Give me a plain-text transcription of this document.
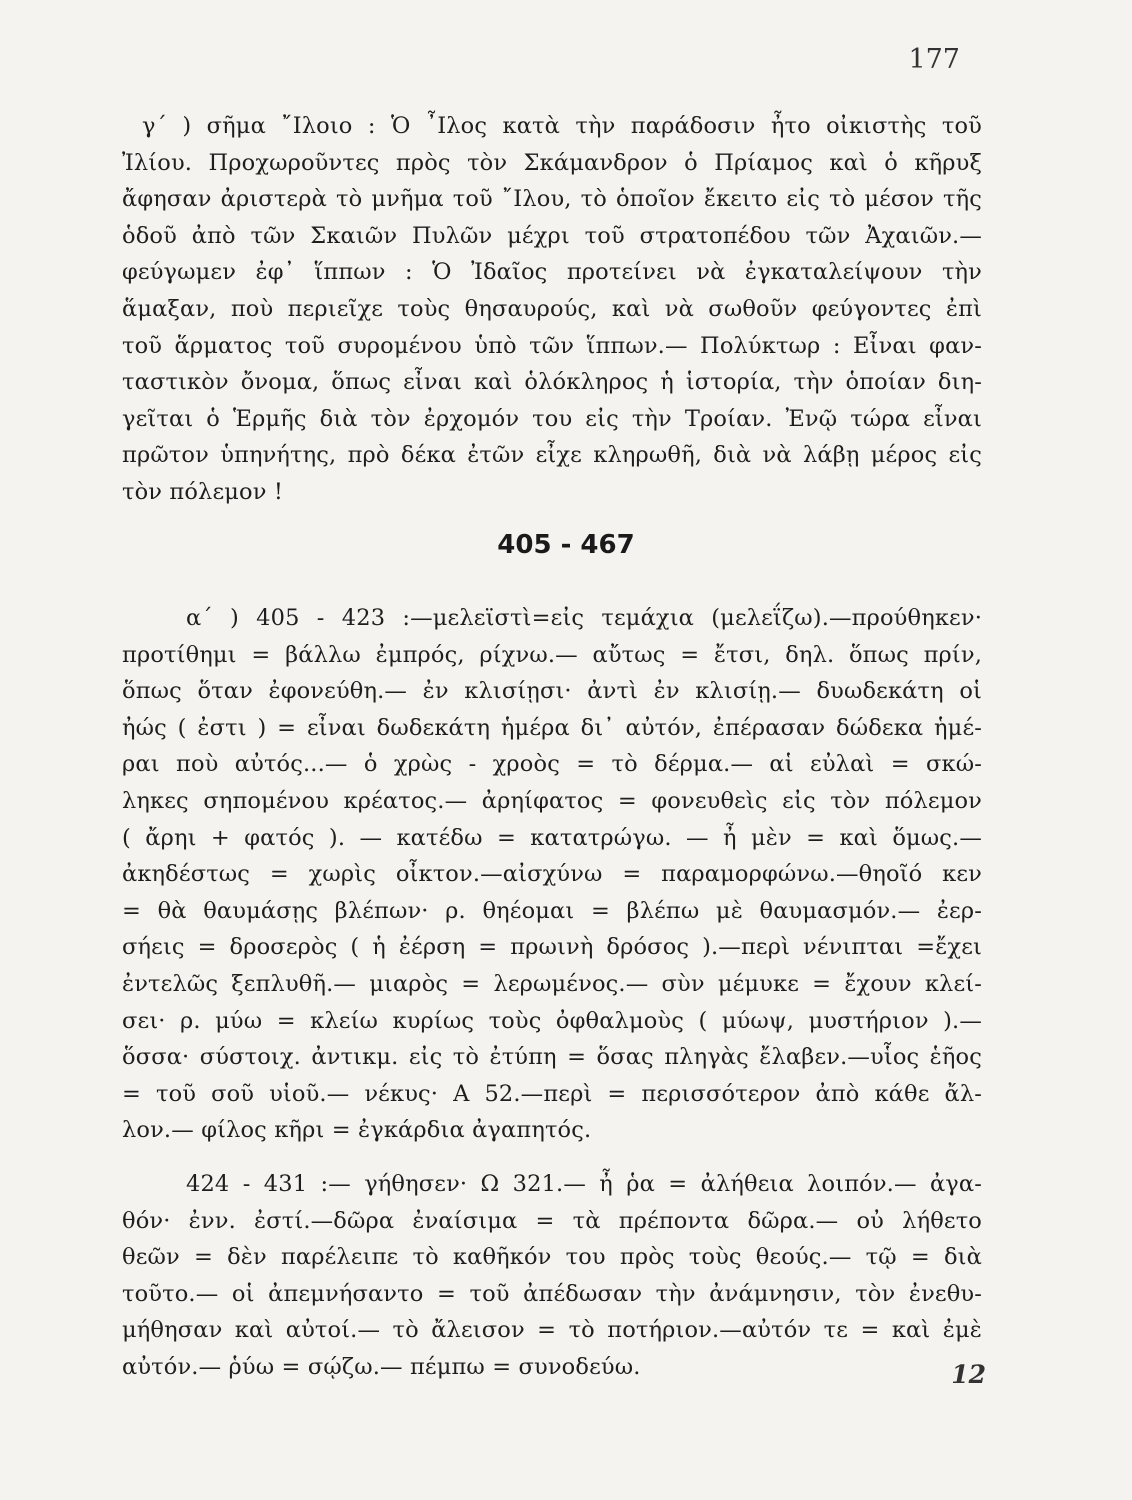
177
γ΄ ) σῆμα ῎Ιλοιο : Ὁ ῏Ιλος κατὰ τὴν παράδοσιν ἦτο οἰκιστὴς τοῦ
Ἰλίου. Προχωροῦντες πρὸς τὸν Σκάμανδρον ὁ Πρίαμος καὶ ὁ κῆρυξ
ἄφησαν ἀριστερὰ τὸ μνῆμα τοῦ ῎Ιλου, τὸ ὁποῖον ἔκειτο εἰς τὸ μέσον τῆς
ὁδοῦ ἀπὸ τῶν Σκαιῶν Πυλῶν μέχρι τοῦ στρατοπέδου τῶν Ἀχαιῶν.—
φεύγωμεν ἐφ᾽ ἵππων : Ὁ Ἰδαῖος προτείνει νὰ ἐγκαταλείψουν τὴν
ἅμαξαν, ποὺ περιεῖχε τοὺς θησαυρούς, καὶ νὰ σωθοῦν φεύγοντες ἐπὶ
τοῦ ἅρματος τοῦ συρομένου ὑπὸ τῶν ἵππων.— Πολύκτωρ : Εἶναι φαν-
ταστικὸν ὄνομα, ὅπως εἶναι καὶ ὁλόκληρος ἡ ἱστορία, τὴν ὁποίαν διη-
γεῖται ὁ Ἑρμῆς διὰ τὸν ἐρχομόν του εἰς τὴν Τροίαν. Ἐνῷ τώρα εἶναι
πρῶτον ὑπηνήτης, πρὸ δέκα ἐτῶν εἶχε κληρωθῆ, διὰ νὰ λάβῃ μέρος εἰς
τὸν πόλεμον !
405 - 467
α΄ ) 405 - 423 :—μελεϊστὶ=εἰς τεμάχια (μελεΐζω).—προύθηκεν·
προτίθημι = βάλλω ἐμπρός, ρίχνω.— αὔτως = ἔτσι, δηλ. ὅπως πρίν,
ὅπως ὅταν ἐφονεύθη.— ἐν κλισίῃσι· ἀντὶ ἐν κλισίῃ.— δυωδεκάτη οἱ
ἠώς ( ἐστι ) = εἶναι δωδεκάτη ἡμέρα δι᾽ αὐτόν, ἐπέρασαν δώδεκα ἡμέ-
ραι ποὺ αὐτός...— ὁ χρὼς - χροὸς = τὸ δέρμα.— αἱ εὐλαὶ = σκώ-
ληκες σηπομένου κρέατος.— ἀρηίφατος = φονευθεὶς εἰς τὸν πόλεμον
( ἄρηι + φατός ). — κατέδω = κατατρώγω. — ἦ μὲν = καὶ ὅμως.—
ἀκηδέστως = χωρὶς οἶκτον.—αἰσχύνω = παραμορφώνω.—θηοῖό κεν
= θὰ θαυμάσῃς βλέπων· ρ. θηέομαι = βλέπω μὲ θαυμασμόν.— ἐερ-
σήεις = δροσερὸς ( ἡ ἐέρση = πρωινὴ δρόσος ).—περὶ νένιπται =ἔχει
ἐντελῶς ξεπλυθῆ.— μιαρὸς = λερωμένος.— σὺν μέμυκε = ἔχουν κλεί-
σει· ρ. μύω = κλείω κυρίως τοὺς ὀφθαλμοὺς ( μύωψ, μυστήριον ).—
ὅσσα· σύστοιχ. ἀντικμ. εἰς τὸ ἐτύπη = ὅσας πληγὰς ἔλαβεν.—υἷος ἑῆος
= τοῦ σοῦ υἱοῦ.— νέκυς· Α 52.—περὶ = περισσότερον ἀπὸ κάθε ἄλ-
λον.— φίλος κῆρι = ἐγκάρδια ἀγαπητός.
424 - 431 :— γήθησεν· Ω 321.— ἦ ῥα = ἀλήθεια λοιπόν.— ἀγα-
θόν· ἐνν. ἐστί.—δῶρα ἐναίσιμα = τὰ πρέποντα δῶρα.— οὐ λήθετο
θεῶν = δὲν παρέλειπε τὸ καθῆκόν του πρὸς τοὺς θεούς.— τῷ = διὰ
τοῦτο.— οἱ ἀπεμνήσαντο = τοῦ ἀπέδωσαν τὴν ἀνάμνησιν, τὸν ἐνεθυ-
μήθησαν καὶ αὐτοί.— τὸ ἄλεισον = τὸ ποτήριον.—αὐτόν τε = καὶ ἐμὲ
αὐτόν.— ῥύω = σῴζω.— πέμπω = συνοδεύω.	12
